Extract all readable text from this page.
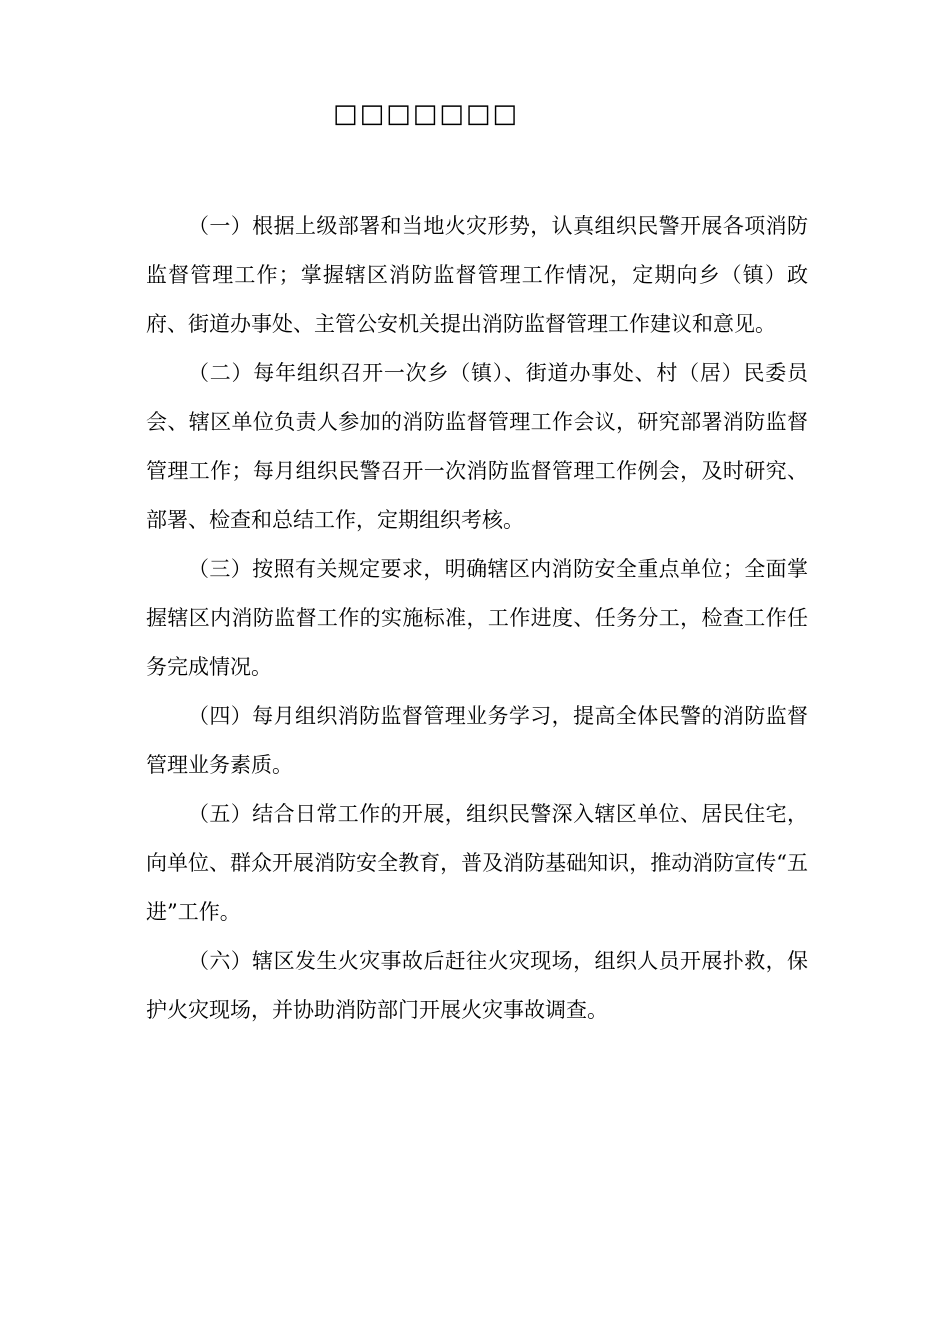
□□□□□□□

（一）根据上级部署和当地火灾形势，认真组织民警开展各项消防监督管理工作；掌握辖区消防监督管理工作情况，定期向乡（镇）政府、街道办事处、主管公安机关提出消防监督管理工作建议和意见。

（二）每年组织召开一次乡（镇）、街道办事处、村（居）民委员会、辖区单位负责人参加的消防监督管理工作会议，研究部署消防监督管理工作；每月组织民警召开一次消防监督管理工作例会，及时研究、部署、检查和总结工作，定期组织考核。

（三）按照有关规定要求，明确辖区内消防安全重点单位；全面掌握辖区内消防监督工作的实施标准，工作进度、任务分工，检查工作任务完成情况。

（四）每月组织消防监督管理业务学习，提高全体民警的消防监督管理业务素质。

（五）结合日常工作的开展，组织民警深入辖区单位、居民住宅，向单位、群众开展消防安全教育，普及消防基础知识，推动消防宣传“五进”工作。

（六）辖区发生火灾事故后赶往火灾现场，组织人员开展扑救，保护火灾现场，并协助消防部门开展火灾事故调查。
